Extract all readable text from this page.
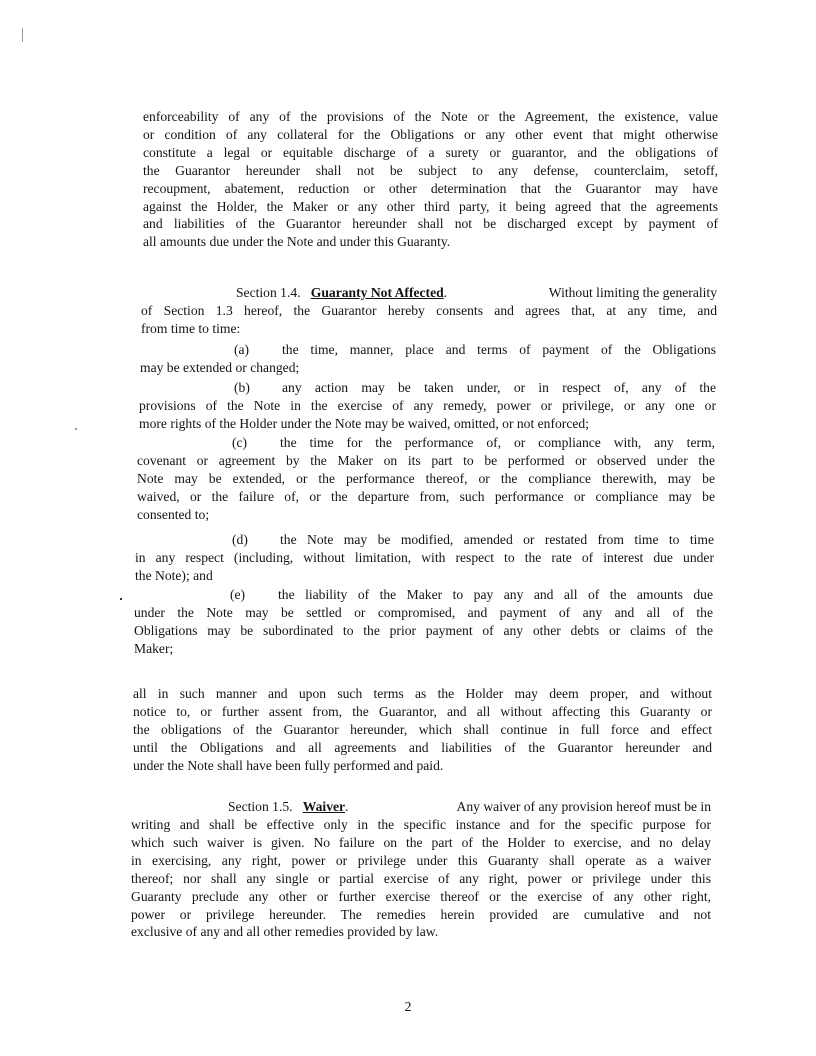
enforceability of any of the provisions of the Note or the Agreement, the existence, value
or condition of any collateral for the Obligations or any other event that might otherwise
constitute a legal or equitable discharge of a surety or guarantor, and the obligations of
the Guarantor hereunder shall not be subject to any defense, counterclaim, setoff,
recoupment, abatement, reduction or other determination that the Guarantor may have
against the Holder, the Maker or any other third party, it being agreed that the agreements
and liabilities of the Guarantor hereunder shall not be discharged except by payment of
all amounts due under the Note and under this Guaranty.
Section 1.4. Guaranty Not Affected.	Without limiting the generality
of Section 1.3 hereof, the Guarantor hereby consents and agrees that, at any time, and
from time to time:
(a)	the time, manner, place and terms of payment of the Obligations
may be extended or changed;
(b)	any action may be taken under, or in respect of, any of the
provisions of the Note in the exercise of any remedy, power or privilege, or any one or
more rights of the Holder under the Note may be waived, omitted, or not enforced;
(c)	the time for the performance of, or compliance with, any term,
covenant or agreement by the Maker on its part to be performed or observed under the
Note may be extended, or the performance thereof, or the compliance therewith, may be
waived, or the failure of, or the departure from, such performance or compliance may be
consented to;
(d)	the Note may be modified, amended or restated from time to time
in any respect (including, without limitation, with respect to the rate of interest due under
the Note); and
(e)	the liability of the Maker to pay any and all of the amounts due
under the Note may be settled or compromised, and payment of any and all of the
Obligations may be subordinated to the prior payment of any other debts or claims of the
Maker;
all in such manner and upon such terms as the Holder may deem proper, and without
notice to, or further assent from, the Guarantor, and all without affecting this Guaranty or
the obligations of the Guarantor hereunder, which shall continue in full force and effect
until the Obligations and all agreements and liabilities of the Guarantor hereunder and
under the Note shall have been fully performed and paid.
Section 1.5. Waiver.	Any waiver of any provision hereof must be in
writing and shall be effective only in the specific instance and for the specific purpose for
which such waiver is given. No failure on the part of the Holder to exercise, and no delay
in exercising, any right, power or privilege under this Guaranty shall operate as a waiver
thereof; nor shall any single or partial exercise of any right, power or privilege under this
Guaranty preclude any other or further exercise thereof or the exercise of any other right,
power or privilege hereunder. The remedies herein provided are cumulative and not
exclusive of any and all other remedies provided by law.
2
